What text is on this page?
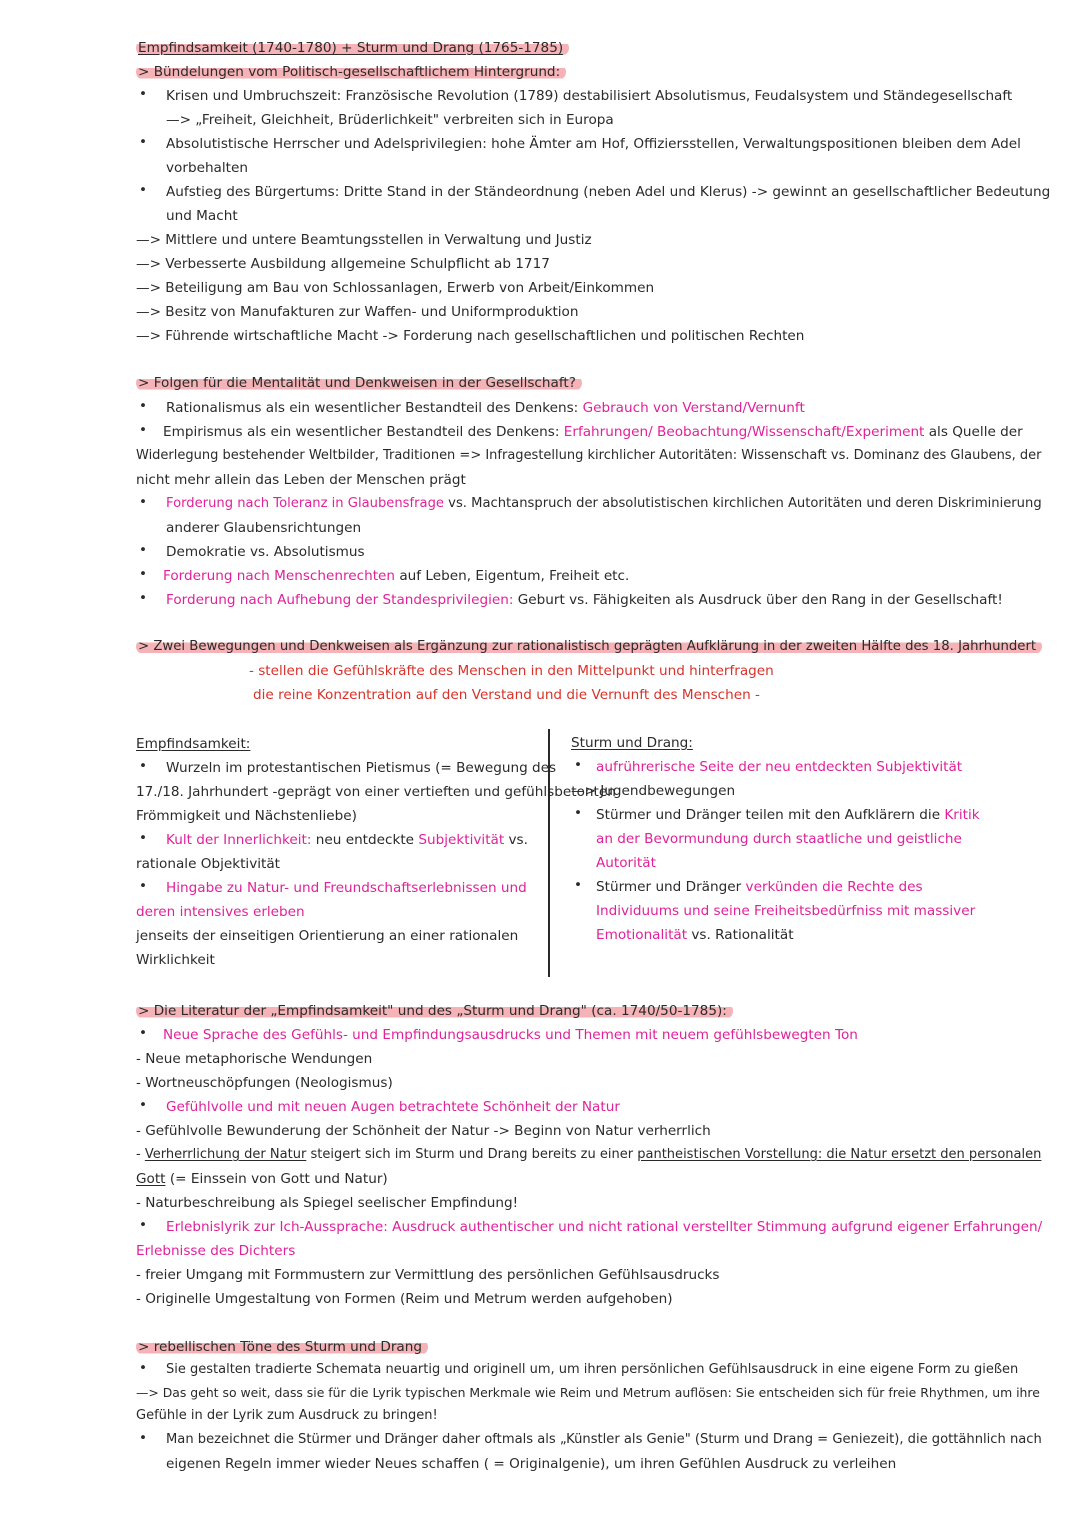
Empfindsamkeit (1740-1780) + Sturm und Drang (1765-1785)
> Bündelungen vom Politisch-gesellschaftlichem Hintergrund:
• Krisen und Umbruchszeit: Französische Revolution (1789) destabilisiert Absolutismus, Feudalsystem und Ständegesellschaft
—> „Freiheit, Gleichheit, Brüderlichkeit" verbreiten sich in Europa
• Absolutistische Herrscher und Adelsprivilegien: hohe Ämter am Hof, Offiziersstellen, Verwaltungspositionen bleiben dem Adel
vorbehalten
• Aufstieg des Bürgertums: Dritte Stand in der Ständeordnung (neben Adel und Klerus) -> gewinnt an gesellschaftlicher Bedeutung
und Macht
—> Mittlere und untere Beamtungsstellen in Verwaltung und Justiz
—> Verbesserte Ausbildung allgemeine Schulpflicht ab 1717
—> Beteiligung am Bau von Schlossanlagen, Erwerb von Arbeit/Einkommen
—> Besitz von Manufakturen zur Waffen- und Uniformproduktion
—> Führende wirtschaftliche Macht -> Forderung nach gesellschaftlichen und politischen Rechten
> Folgen für die Mentalität und Denkweisen in der Gesellschaft?
• Rationalismus als ein wesentlicher Bestandteil des Denkens: Gebrauch von Verstand/Vernunft
• Empirismus als ein wesentlicher Bestandteil des Denkens: Erfahrungen/ Beobachtung/Wissenschaft/Experiment als Quelle der
Widerlegung bestehender Weltbilder, Traditionen => Infragestellung kirchlicher Autoritäten: Wissenschaft vs. Dominanz des Glaubens, der
nicht mehr allein das Leben der Menschen prägt
• Forderung nach Toleranz in Glaubensfrage vs. Machtanspruch der absolutistischen kirchlichen Autoritäten und deren Diskriminierung
anderer Glaubensrichtungen
• Demokratie vs. Absolutismus
• Forderung nach Menschenrechten auf Leben, Eigentum, Freiheit etc.
• Forderung nach Aufhebung der Standesprivilegien: Geburt vs. Fähigkeiten als Ausdruck über den Rang in der Gesellschaft!
> Zwei Bewegungen und Denkweisen als Ergänzung zur rationalistisch geprägten Aufklärung in der zweiten Hälfte des 18. Jahrhundert
- stellen die Gefühlskräfte des Menschen in den Mittelpunkt und hinterfragen
die reine Konzentration auf den Verstand und die Vernunft des Menschen -
Empfindsamkeit:
• Wurzeln im protestantischen Pietismus (= Bewegung des
17./18. Jahrhundert -geprägt von einer vertieften und gefühlsbetonten
Frömmigkeit und Nächstenliebe)
• Kult der Innerlichkeit: neu entdeckte Subjektivität vs.
rationale Objektivität
• Hingabe zu Natur- und Freundschaftserlebnissen und
deren intensives erleben
jenseits der einseitigen Orientierung an einer rationalen
Wirklichkeit
Sturm und Drang:
• aufrührerische Seite der neu entdeckten Subjektivität
—> Jugendbewegungen
• Stürmer und Dränger teilen mit den Aufklärern die Kritik
an der Bevormundung durch staatliche und geistliche
Autorität
• Stürmer und Dränger verkünden die Rechte des
Individuums und seine Freiheitsbedürfniss mit massiver
Emotionalität vs. Rationalität
> Die Literatur der „Empfindsamkeit" und des „Sturm und Drang" (ca. 1740/50-1785):
• Neue Sprache des Gefühls- und Empfindungsausdrucks und Themen mit neuem gefühlsbewegten Ton
- Neue metaphorische Wendungen
- Wortneuschöpfungen (Neologismus)
• Gefühlvolle und mit neuen Augen betrachtete Schönheit der Natur
- Gefühlvolle Bewunderung der Schönheit der Natur -> Beginn von Natur verherrlich
- Verherrlichung der Natur steigert sich im Sturm und Drang bereits zu einer pantheistischen Vorstellung: die Natur ersetzt den personalen
Gott (= Einssein von Gott und Natur)
- Naturbeschreibung als Spiegel seelischer Empfindung!
• Erlebnislyrik zur Ich-Aussprache: Ausdruck authentischer und nicht rational verstellter Stimmung aufgrund eigener Erfahrungen/
Erlebnisse des Dichters
- freier Umgang mit Formmustern zur Vermittlung des persönlichen Gefühlsausdrucks
- Originelle Umgestaltung von Formen (Reim und Metrum werden aufgehoben)
> rebellischen Töne des Sturm und Drang
• Sie gestalten tradierte Schemata neuartig und originell um, um ihren persönlichen Gefühlsausdruck in eine eigene Form zu gießen
—> Das geht so weit, dass sie für die Lyrik typischen Merkmale wie Reim und Metrum auflösen: Sie entscheiden sich für freie Rhythmen, um ihre
Gefühle in der Lyrik zum Ausdruck zu bringen!
• Man bezeichnet die Stürmer und Dränger daher oftmals als „Künstler als Genie" (Sturm und Drang = Geniezeit), die gottähnlich nach
eigenen Regeln immer wieder Neues schaffen ( = Originalgenie), um ihren Gefühlen Ausdruck zu verleihen
